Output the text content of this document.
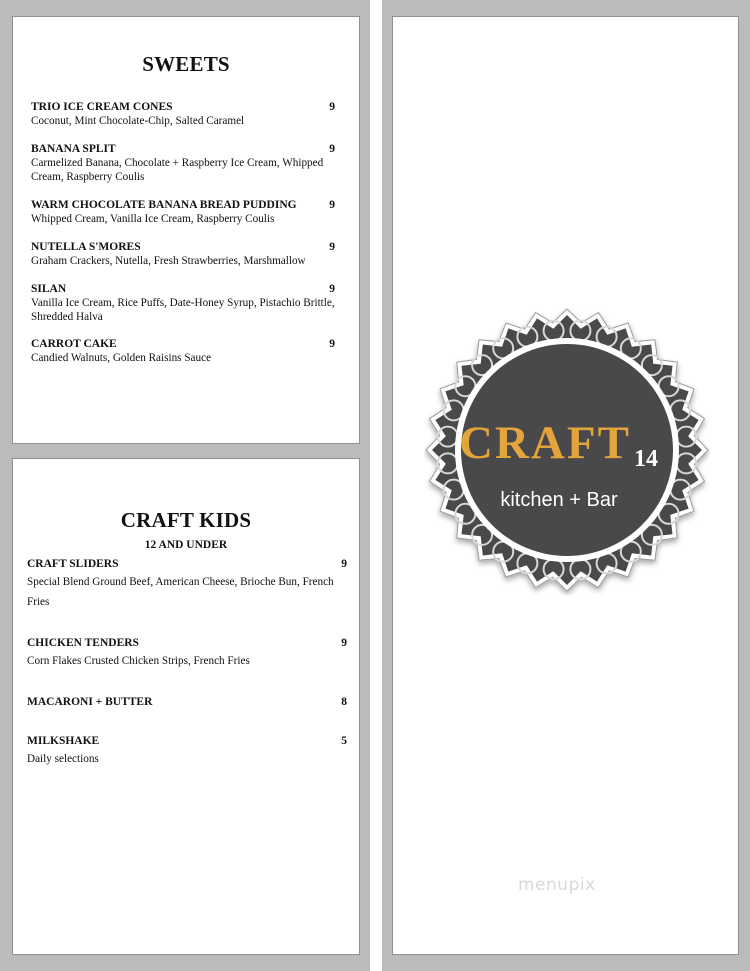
SWEETS
TRIO ICE CREAM CONES	9
Coconut, Mint Chocolate-Chip, Salted Caramel
BANANA SPLIT	9
Carmelized Banana, Chocolate + Raspberry Ice Cream, Whipped Cream, Raspberry Coulis
WARM CHOCOLATE BANANA BREAD PUDDING	9
Whipped Cream, Vanilla Ice Cream, Raspberry Coulis
NUTELLA S'MORES	9
Graham Crackers, Nutella, Fresh Strawberries, Marshmallow
SILAN	9
Vanilla Ice Cream, Rice Puffs, Date-Honey Syrup, Pistachio Brittle, Shredded Halva
CARROT CAKE	9
Candied Walnuts, Golden Raisins Sauce
CRAFT KIDS
12 AND UNDER
CRAFT SLIDERS	9
Special Blend Ground Beef, American Cheese, Brioche Bun, French Fries
CHICKEN TENDERS	9
Corn Flakes Crusted Chicken Strips, French Fries
MACARONI + BUTTER	8
MILKSHAKE	5
Daily selections
CRAFT 14
kitchen + Bar
menupix
